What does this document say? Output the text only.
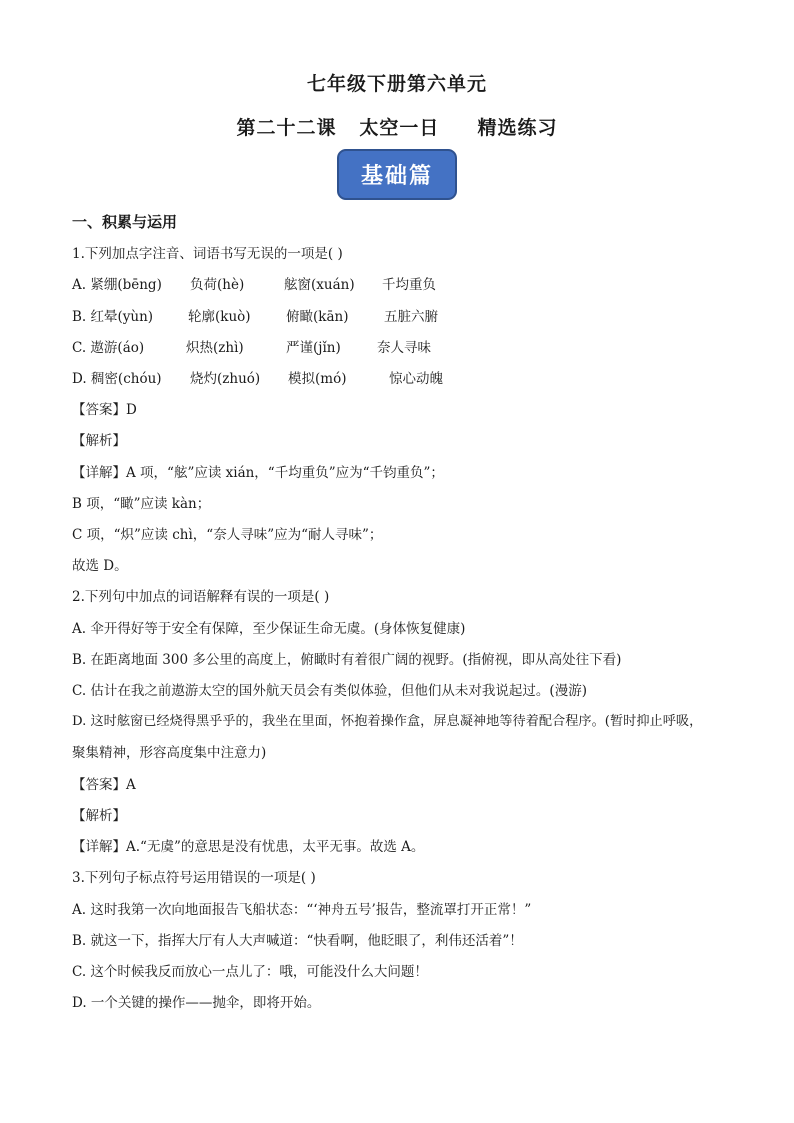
七年级下册第六单元
第二十二课   太空一日     精选练习
基础篇
一、积累与运用
1.下列加点字注音、词语书写无误的一项是( )
A. 紧绷(bēng) 负荷(hè)	舷窗(xuán) 千均重负
B. 红晕(yùn)	轮廓(kuò)	俯瞰(kān)	五脏六腑
C. 遨游(áo)	炽热(zhì)	严谨(jǐn)	奈人寻味
D. 稠密(chóu) 烧灼(zhuó) 模拟(mó)	惊心动魄
【答案】D
【解析】
【详解】A 项，“舷”应读 xián，“千均重负”应为“千钧重负”；
B 项，“瞰”应读 kàn；
C 项，“炽”应读 chì，“奈人寻味”应为“耐人寻味”；
故选 D。
2.下列句中加点的词语解释有误的一项是( )
A. 伞开得好等于安全有保障，至少保证生命无虞。(身体恢复健康)
B. 在距离地面 300 多公里的高度上，俯瞰时有着很广阔的视野。(指俯视，即从高处往下看)
C. 估计在我之前遨游太空的国外航天员会有类似体验，但他们从未对我说起过。(漫游)
D. 这时舷窗已经烧得黑乎乎的，我坐在里面，怀抱着操作盒，屏息凝神地等待着配合程序。(暂时抑止呼吸，
聚集精神，形容高度集中注意力)
【答案】A
【解析】
【详解】A.“无虞”的意思是没有忧患，太平无事。故选 A。
3.下列句子标点符号运用错误的一项是( )
A. 这时我第一次向地面报告飞船状态：“‘神舟五号’报告，整流罩打开正常！”
B. 就这一下，指挥大厅有人大声喊道：“快看啊，他眨眼了，利伟还活着”！
C. 这个时候我反而放心一点儿了：哦，可能没什么大问题！
D. 一个关键的操作——抛伞，即将开始。
